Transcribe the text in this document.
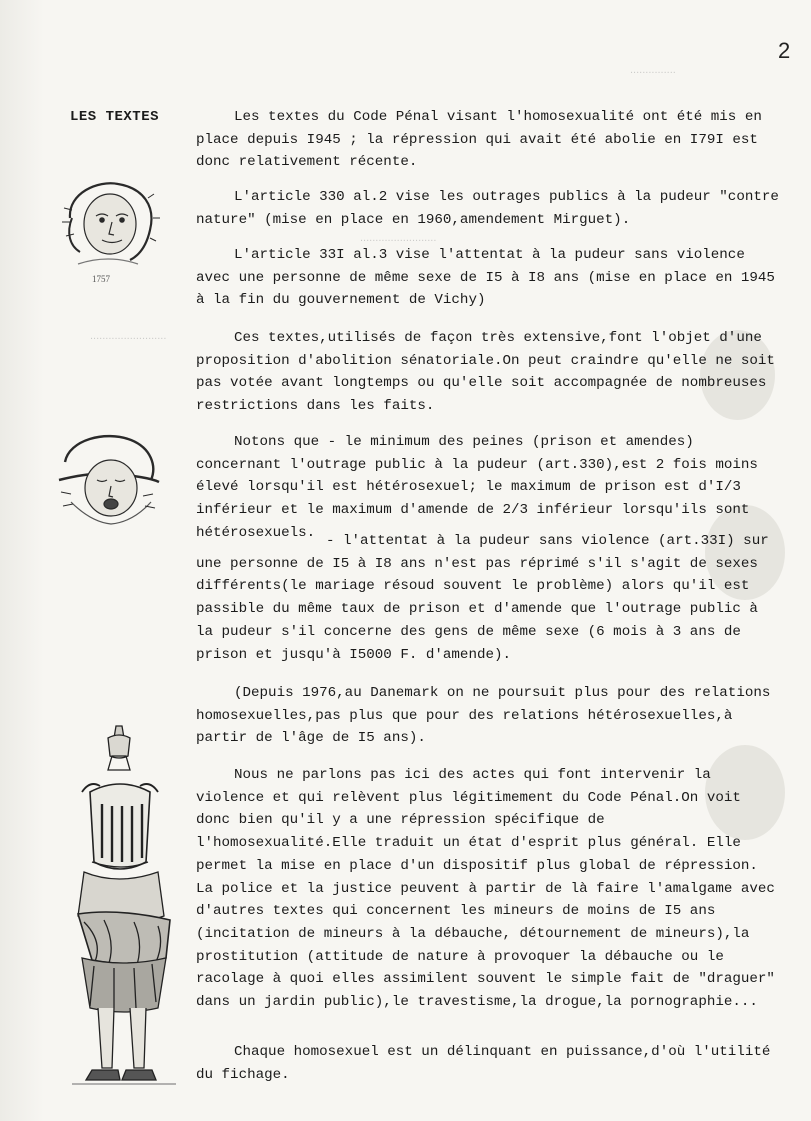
2
LES TEXTES
1757
...............
.........................
.........................

Les textes du Code Pénal visant l'homosexualité ont été mis en place depuis I945 ; la répression qui avait été abolie en I79I est donc relativement récente.

L'article 330 al.2 vise les outrages publics à la pudeur "contre nature" (mise en place en 1960,amendement Mirguet).

L'article 33I al.3 vise l'attentat à la pudeur sans violence avec une personne de même sexe de I5 à I8 ans (mise en place en 1945 à la fin du gouvernement de Vichy)

Ces textes,utilisés de façon très extensive,font l'objet d'une proposition d'abolition sénatoriale.On peut craindre qu'elle ne soit pas votée avant longtemps ou qu'elle soit accompagnée de nombreuses restrictions dans les faits.

Notons que - le minimum des peines (prison et amendes) concernant l'outrage public à la pudeur (art.330),est 2 fois moins élevé lorsqu'il est hétérosexuel; le maximum de prison est d'I/3 inférieur et le maximum d'amende de 2/3 inférieur lorsqu'ils sont hétérosexuels.

- l'attentat à la pudeur sans violence (art.33I) sur une personne de I5 à I8 ans n'est pas réprimé s'il s'agit de sexes différents(le mariage résoud souvent le problème) alors qu'il est passible du même taux de prison et d'amende que l'outrage public à la pudeur s'il concerne des gens de même sexe (6 mois à 3 ans de prison et jusqu'à I5000 F. d'amende).

(Depuis 1976,au Danemark on ne poursuit plus pour des relations homosexuelles,pas plus que pour des relations hétérosexuelles,à partir de l'âge de I5 ans).

Nous ne parlons pas ici des actes qui font intervenir la violence et qui relèvent plus légitimement du Code Pénal.On voit donc bien qu'il y a une répression spécifique de l'homosexualité.Elle traduit un état d'esprit plus général. Elle permet la mise en place d'un dispositif plus global de répression. La police et la justice peuvent à partir de là faire l'amalgame avec d'autres textes qui concernent les mineurs de moins de I5 ans (incitation de mineurs à la débauche, détournement de mineurs),la prostitution (attitude de nature à provoquer la débauche ou le racolage à quoi elles assimilent souvent le simple fait de "draguer" dans un jardin public),le travestisme,la drogue,la pornographie...

Chaque homosexuel est un délinquant en puissance,d'où l'utilité du fichage.
